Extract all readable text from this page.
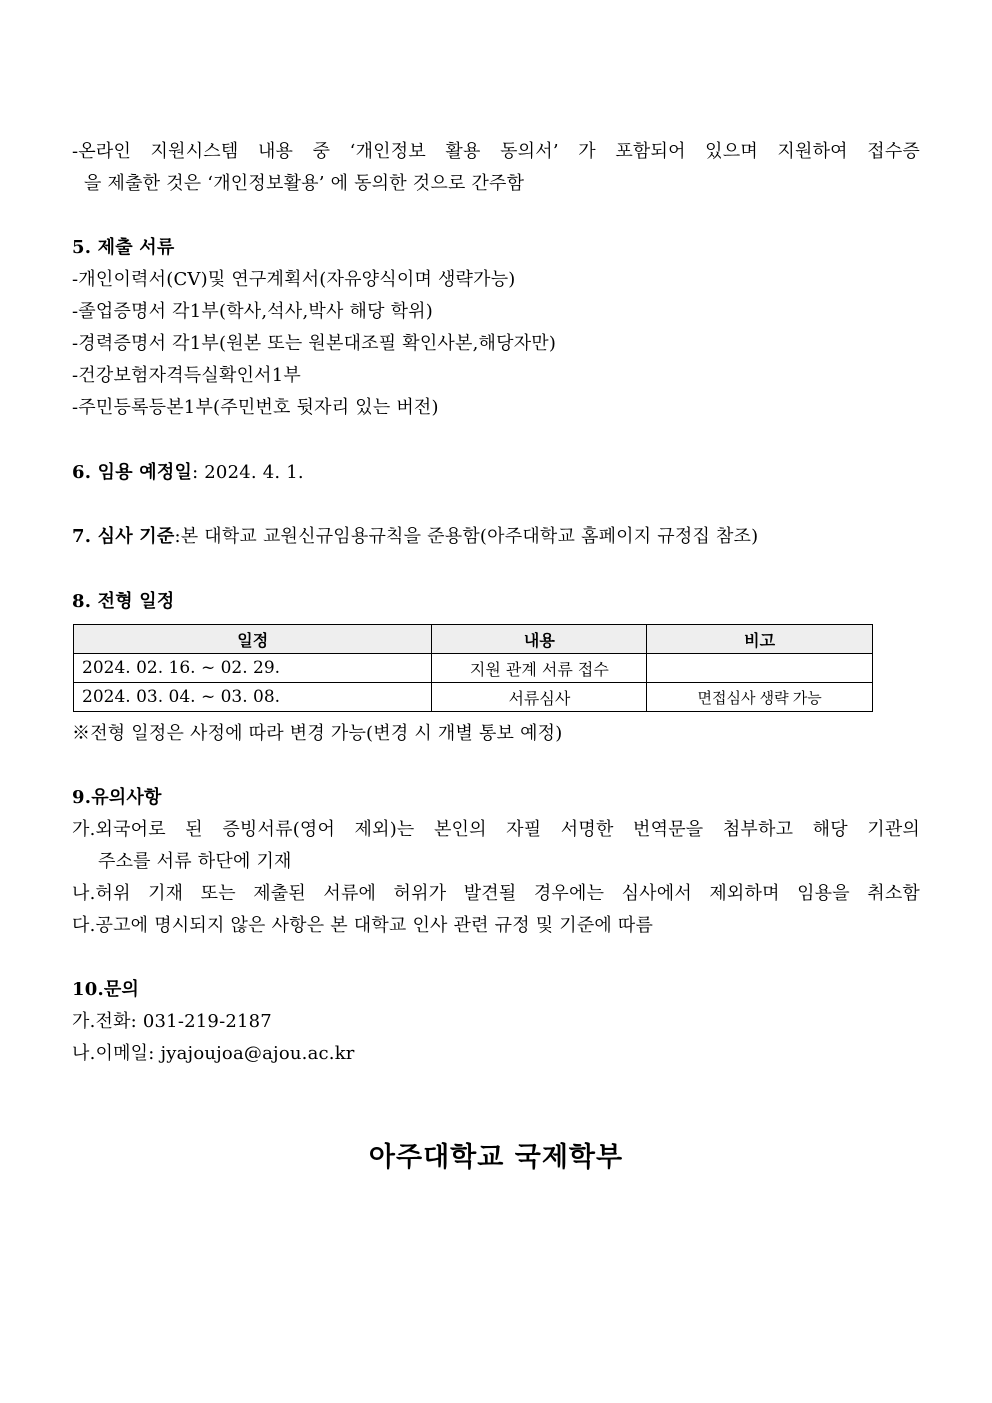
-온라인 지원시스템 내용 중 ‘개인정보 활용 동의서’ 가 포함되어 있으며 지원하여 접수증
을 제출한 것은 ‘개인정보활용’ 에 동의한 것으로 간주함
5. 제출 서류
-개인이력서(CV)및 연구계획서(자유양식이며 생략가능)
-졸업증명서 각1부(학사,석사,박사 해당 학위)
-경력증명서 각1부(원본 또는 원본대조필 확인사본,해당자만)
-건강보험자격득실확인서1부
-주민등록등본1부(주민번호 뒷자리 있는 버전)
6. 임용 예정일: 2024. 4. 1.
7. 심사 기준:본 대학교 교원신규임용규칙을 준용함(아주대학교 홈페이지 규정집 참조)
8. 전형 일정
일정	내용	비고
2024. 02. 16. ~ 02. 29.	지원 관계 서류 접수	
2024. 03. 04. ~ 03. 08.	서류심사	면접심사 생략 가능
※전형 일정은 사정에 따라 변경 가능(변경 시 개별 통보 예정)
9.유의사항
가.외국어로 된 증빙서류(영어 제외)는 본인의 자필 서명한 번역문을 첨부하고 해당 기관의
주소를 서류 하단에 기재
나.허위 기재 또는 제출된 서류에 허위가 발견될 경우에는 심사에서 제외하며 임용을 취소함
다.공고에 명시되지 않은 사항은 본 대학교 인사 관련 규정 및 기준에 따름
10.문의
가.전화: 031-219-2187
나.이메일: jyajoujoa@ajou.ac.kr
아주대학교 국제학부
